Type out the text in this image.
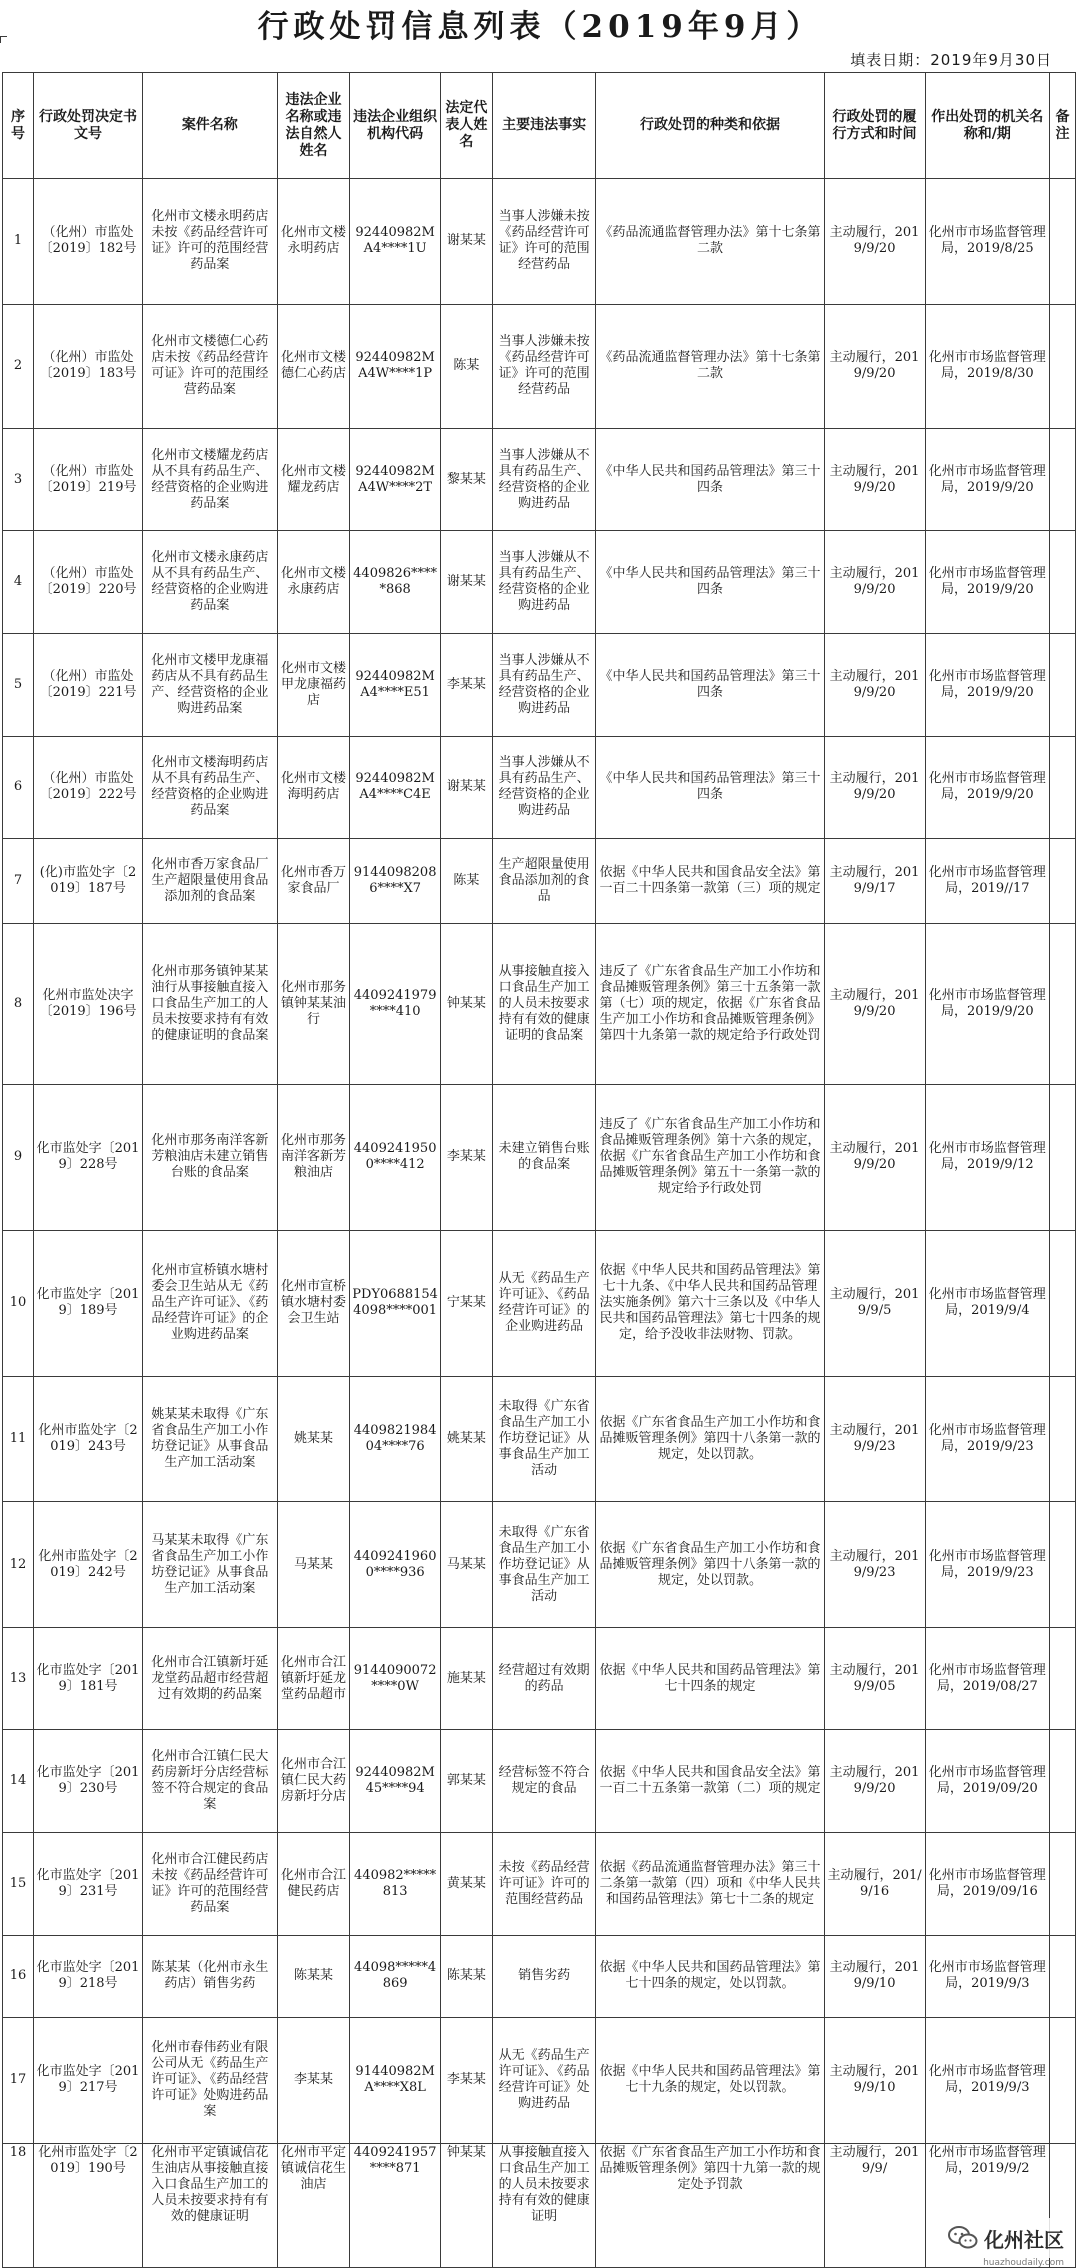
行政处罚信息列表（2019年9月）
填表日期：2019年9月30日
序号	行政处罚决定书文号	案件名称	违法企业名称或违法自然人姓名	违法企业组织机构代码	法定代表人姓名	主要违法事实	行政处罚的种类和依据	行政处罚的履行方式和时间	作出处罚的机关名称和/期	备注
1	（化州）市监处〔2019〕182号	化州市文楼永明药店未按《药品经营许可证》许可的范围经营药品案	化州市文楼永明药店	92440982MA4****1U	谢某某	当事人涉嫌未按《药品经营许可证》许可的范围经营药品	《药品流通监督管理办法》第十七条第二款	主动履行，2019/9/20	化州市市场监督管理局，2019/8/25	
2	（化州）市监处〔2019〕183号	化州市文楼德仁心药店未按《药品经营许可证》许可的范围经营药品案	化州市文楼德仁心药店	92440982MA4W****1P	陈某	当事人涉嫌未按《药品经营许可证》许可的范围经营药品	《药品流通监督管理办法》第十七条第二款	主动履行，2019/9/20	化州市市场监督管理局，2019/8/30	
3	（化州）市监处〔2019〕219号	化州市文楼耀龙药店从不具有药品生产、经营资格的企业购进药品案	化州市文楼耀龙药店	92440982MA4W****2T	黎某某	当事人涉嫌从不具有药品生产、经营资格的企业购进药品	《中华人民共和国药品管理法》第三十四条	主动履行，2019/9/20	化州市市场监督管理局，2019/9/20	
4	（化州）市监处〔2019〕220号	化州市文楼永康药店从不具有药品生产、经营资格的企业购进药品案	化州市文楼永康药店	4409826*****868	谢某某	当事人涉嫌从不具有药品生产、经营资格的企业购进药品	《中华人民共和国药品管理法》第三十四条	主动履行，2019/9/20	化州市市场监督管理局，2019/9/20	
5	（化州）市监处〔2019〕221号	化州市文楼甲龙康福药店从不具有药品生产、经营资格的企业购进药品案	化州市文楼甲龙康福药店	92440982MA4****E51	李某某	当事人涉嫌从不具有药品生产、经营资格的企业购进药品	《中华人民共和国药品管理法》第三十四条	主动履行，2019/9/20	化州市市场监督管理局，2019/9/20	
6	（化州）市监处〔2019〕222号	化州市文楼海明药店从不具有药品生产、经营资格的企业购进药品案	化州市文楼海明药店	92440982MA4****C4E	谢某某	当事人涉嫌从不具有药品生产、经营资格的企业购进药品	《中华人民共和国药品管理法》第三十四条	主动履行，2019/9/20	化州市市场监督管理局，2019/9/20	
7	(化)市监处字〔2019〕187号	化州市香万家食品厂生产超限量使用食品添加剂的食品案	化州市香万家食品厂	91440982086****X7	陈某	生产超限量使用食品添加剂的食品	依据《中华人民共和国食品安全法》第一百二十四条第一款第（三）项的规定	主动履行，2019/9/17	化州市市场监督管理局，2019//17	
8	化州市监处决字〔2019〕196号	化州市那务镇钟某某油行从事接触直接入口食品生产加工的人员未按要求持有有效的健康证明的食品案	化州市那务镇钟某某油行	4409241979****410	钟某某	从事接触直接入口食品生产加工的人员未按要求持有有效的健康证明的食品案	违反了《广东省食品生产加工小作坊和食品摊贩管理条例》第三十五条第一款第（七）项的规定，依据《广东省食品生产加工小作坊和食品摊贩管理条例》第四十九条第一款的规定给予行政处罚	主动履行，2019/9/20	化州市市场监督管理局，2019/9/20	
9	化市监处字〔2019〕228号	化州市那务南洋客新芳粮油店未建立销售台账的食品案	化州市那务南洋客新芳粮油店	44092419500****412	李某某	未建立销售台账的食品案	违反了《广东省食品生产加工小作坊和食品摊贩管理条例》第十六条的规定，依据《广东省食品生产加工小作坊和食品摊贩管理条例》第五十一条第一款的规定给予行政处罚	主动履行，2019/9/20	化州市市场监督管理局，2019/9/12	
10	化市监处字〔2019〕189号	化州市宣桥镇水塘村委会卫生站从无《药品生产许可证》、《药品经营许可证》的企业购进药品案	化州市宣桥镇水塘村委会卫生站	PDY06881544098****001	宁某某	从无《药品生产许可证》、《药品经营许可证》的企业购进药品	依据《中华人民共和国药品管理法》第七十九条、《中华人民共和国药品管理法实施条例》第六十三条以及《中华人民共和国药品管理法》第七十四条的规定，给予没收非法财物、罚款。	主动履行，2019/9/5	化州市市场监督管理局，2019/9/4	
11	化州市监处字〔2019〕243号	姚某某未取得《广东省食品生产加工小作坊登记证》从事食品生产加工活动案	姚某某	440982198404****76	姚某某	未取得《广东省食品生产加工小作坊登记证》从事食品生产加工活动	依据《广东省食品生产加工小作坊和食品摊贩管理条例》第四十八条第一款的规定，处以罚款。	主动履行，2019/9/23	化州市市场监督管理局，2019/9/23	
12	化州市监处字〔2019〕242号	马某某未取得《广东省食品生产加工小作坊登记证》从事食品生产加工活动案	马某某	44092419600****936	马某某	未取得《广东省食品生产加工小作坊登记证》从事食品生产加工活动	依据《广东省食品生产加工小作坊和食品摊贩管理条例》第四十八条第一款的规定，处以罚款。	主动履行，2019/9/23	化州市市场监督管理局，2019/9/23	
13	化市监处字〔2019〕181号	化州市合江镇新圩延龙堂药品超市经营超过有效期的药品案	化州市合江镇新圩延龙堂药品超市	9144090072****0W	施某某	经营超过有效期的药品	依据《中华人民共和国药品管理法》第七十四条的规定	主动履行，2019/9/05	化州市市场监督管理局，2019/08/27	
14	化市监处字〔2019〕230号	化州市合江镇仁民大药房新圩分店经营标签不符合规定的食品案	化州市合江镇仁民大药房新圩分店	92440982M45****94	郭某某	经营标签不符合规定的食品	依据《中华人民共和国食品安全法》第一百二十五条第一款第（二）项的规定	主动履行，2019/9/20	化州市市场监督管理局，2019/09/20	
15	化市监处字〔2019〕231号	化州市合江健民药店未按《药品经营许可证》许可的范围经营药品案	化州市合江健民药店	440982*****813	黄某某	未按《药品经营许可证》许可的范围经营药品	依据《药品流通监督管理办法》第三十二条第一款第（四）项和《中华人民共和国药品管理法》第七十二条的规定	主动履行，201/9/16	化州市市场监督管理局，2019/09/16	
16	化市监处字〔2019〕218号	陈某某（化州市永生药店）销售劣药	陈某某	44098*****4869	陈某某	销售劣药	依据《中华人民共和国药品管理法》第七十四条的规定，处以罚款。	主动履行，2019/9/10	化州市市场监督管理局，2019/9/3	
17	化市监处字〔2019〕217号	化州市春伟药业有限公司从无《药品生产许可证》、《药品经营许可证》处购进药品案	李某某	91440982MA****X8L	李某某	从无《药品生产许可证》、《药品经营许可证》处购进药品	依据《中华人民共和国药品管理法》第七十九条的规定，处以罚款。	主动履行，2019/9/10	化州市市场监督管理局，2019/9/3	
18	化州市监处字〔2019〕190号	化州市平定镇诚信花生油店从事接触直接入口食品生产加工的人员未按要求持有有效的健康证明	化州市平定镇诚信花生油店	4409241957****871	钟某某	从事接触直接入口食品生产加工的人员未按要求持有有效的健康证明	依据《广东省食品生产加工小作坊和食品摊贩管理条例》第四十九第一款的规定处予罚款	主动履行，2019/9/	化州市市场监督管理局，2019/9/2	
化州社区
huazhoudaily.com
